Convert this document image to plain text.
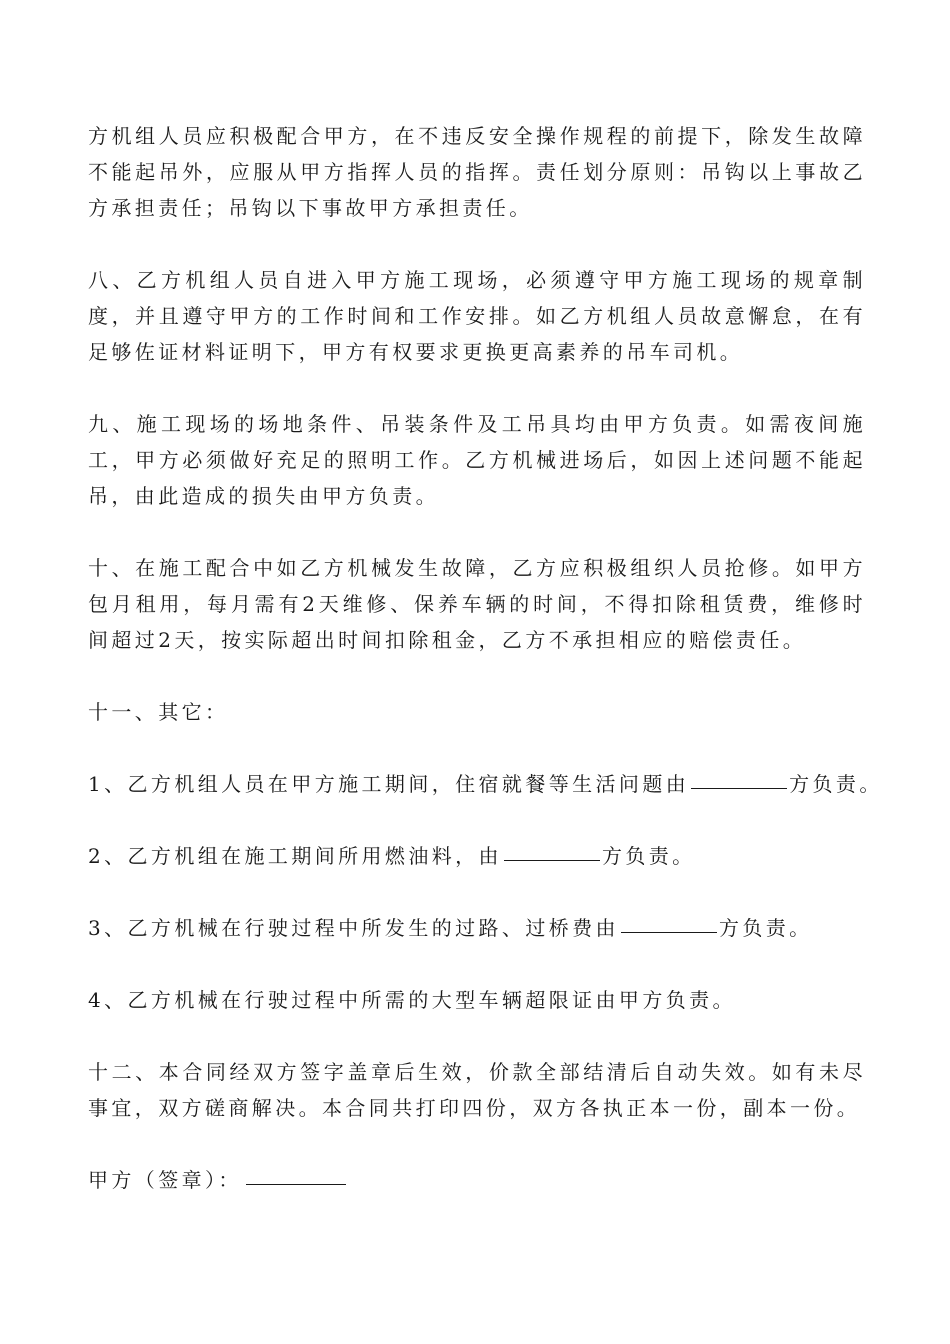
方机组人员应积极配合甲方，在不违反安全操作规程的前提下，除发生故障不能起吊外，应服从甲方指挥人员的指挥。责任划分原则：吊钩以上事故乙方承担责任；吊钩以下事故甲方承担责任。

八、乙方机组人员自进入甲方施工现场，必须遵守甲方施工现场的规章制度，并且遵守甲方的工作时间和工作安排。如乙方机组人员故意懈怠，在有足够佐证材料证明下，甲方有权要求更换更高素养的吊车司机。

九、施工现场的场地条件、吊装条件及工吊具均由甲方负责。如需夜间施工，甲方必须做好充足的照明工作。乙方机械进场后，如因上述问题不能起吊，由此造成的损失由甲方负责。

十、在施工配合中如乙方机械发生故障，乙方应积极组织人员抢修。如甲方包月租用，每月需有2天维修、保养车辆的时间，不得扣除租赁费，维修时间超过2天，按实际超出时间扣除租金，乙方不承担相应的赔偿责任。

十一、其它：

1、乙方机组人员在甲方施工期间，住宿就餐等生活问题由	方负责。

2、乙方机组在施工期间所用燃油料，由	方负责。

3、乙方机械在行驶过程中所发生的过路、过桥费由	方负责。

4、乙方机械在行驶过程中所需的大型车辆超限证由甲方负责。

十二、本合同经双方签字盖章后生效，价款全部结清后自动失效。如有未尽事宜，双方磋商解决。本合同共打印四份，双方各执正本一份，副本一份。

甲方（签章）：
